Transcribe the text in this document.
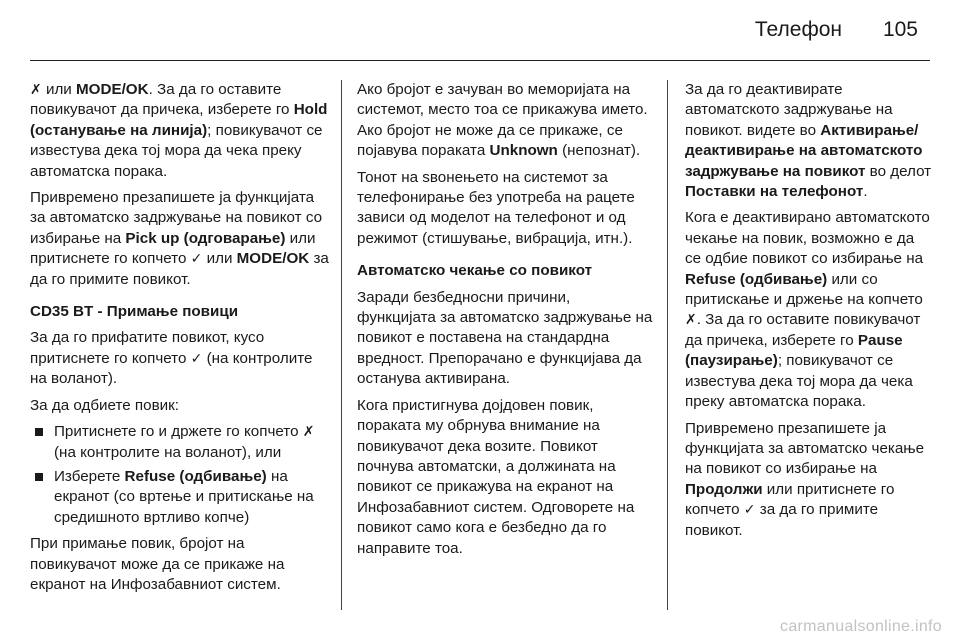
Телефон 105

✗ или MODE/OK. За да го оставите повикувачот да причека, изберете го Hold (останување на линија); повикувачот се известува дека тој мора да чека преку автоматска порака.

Привремено презапишете ја функцијата за автоматско задржување на повикот со избирање на Pick up (одговарање) или притиснете го копчето ✓ или MODE/OK за да го примите повикот.

CD35 BT - Примање повици

За да го прифатите повикот, кусо притиснете го копчето ✓ (на контролите на воланот).

За да одбиете повик:

Притиснете го и држете го копчето ✗ (на контролите на воланот), или
Изберете Refuse (одбивање) на екранот (со вртење и притискање на средишното вртливо копче)

При примање повик, бројот на повикувачот може да се прикаже на екранот на Инфозабавниот систем.

Ако бројот е зачуван во меморијата на системот, место тоа се прикажува името. Ако бројот не може да се прикаже, се појавува пораката Unknown (непознат).

Тонот на ѕвонењето на системот за телефонирање без употреба на рацете зависи од моделот на телефонот и од режимот (стишување, вибрација, итн.).

Автоматско чекање со повикот

Заради безбедносни причини, функцијата за автоматско задржување на повикот е поставена на стандардна вредност. Препорачано е функцијава да останува активирана.

Кога пристигнува дојдовен повик, пораката му обрнува внимание на повикувачот дека возите. Повикот почнува автоматски, а должината на повикот се прикажува на екранот на Инфозабавниот систем. Одговорете на повикот само кога е безбедно да го направите тоа.

За да го деактивирате автоматското задржување на повикот. видете во Активирање/ деактивирање на автоматското задржување на повикот во делот Поставки на телефонот.

Кога е деактивирано автоматското чекање на повик, возможно е да се одбие повикот со избирање на Refuse (одбивање) или со притискање и држење на копчето ✗. За да го оставите повикувачот да причека, изберете го Pause (паузирање); повикувачот се известува дека тој мора да чека преку автоматска порака.

Привремено презапишете ја функцијата за автоматско чекање на повикот со избирање на Продолжи или притиснете го копчето ✓ за да го примите повикот.

carmanualsonline.info
